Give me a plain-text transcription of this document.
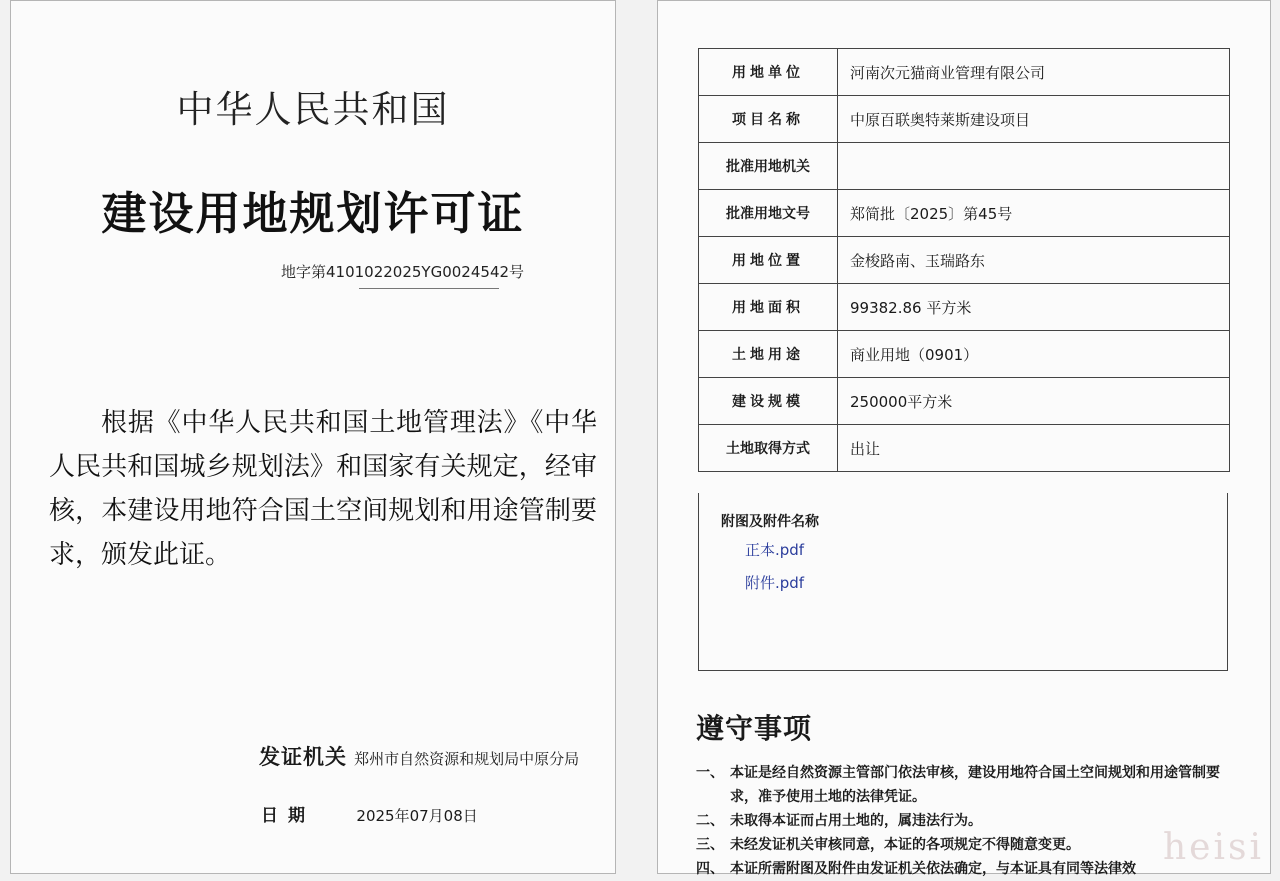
中华人民共和国
建设用地规划许可证
地字第4101022025YG0024542号
根据《中华人民共和国土地管理法》《中华人民共和国城乡规划法》和国家有关规定，经审核，本建设用地符合国土空间规划和用途管制要求，颁发此证。
发证机关 郑州市自然资源和规划局中原分局
日期	2025年07月08日
用地单位	河南次元猫商业管理有限公司
项目名称	中原百联奥特莱斯建设项目
批准用地机关	
批准用地文号	郑简批〔2025〕第45号
用地位置	金梭路南、玉瑞路东
用地面积	99382.86 平方米
土地用途	商业用地（0901）
建设规模	250000平方米
土地取得方式	出让
附图及附件名称
正本.pdf
附件.pdf
遵守事项
一、 本证是经自然资源主管部门依法审核，建设用地符合国土空间规划和用途管制要求，准予使用土地的法律凭证。
二、 未取得本证而占用土地的，属违法行为。
三、 未经发证机关审核同意，本证的各项规定不得随意变更。
四、 本证所需附图及附件由发证机关依法确定，与本证具有同等法律效
heisi
